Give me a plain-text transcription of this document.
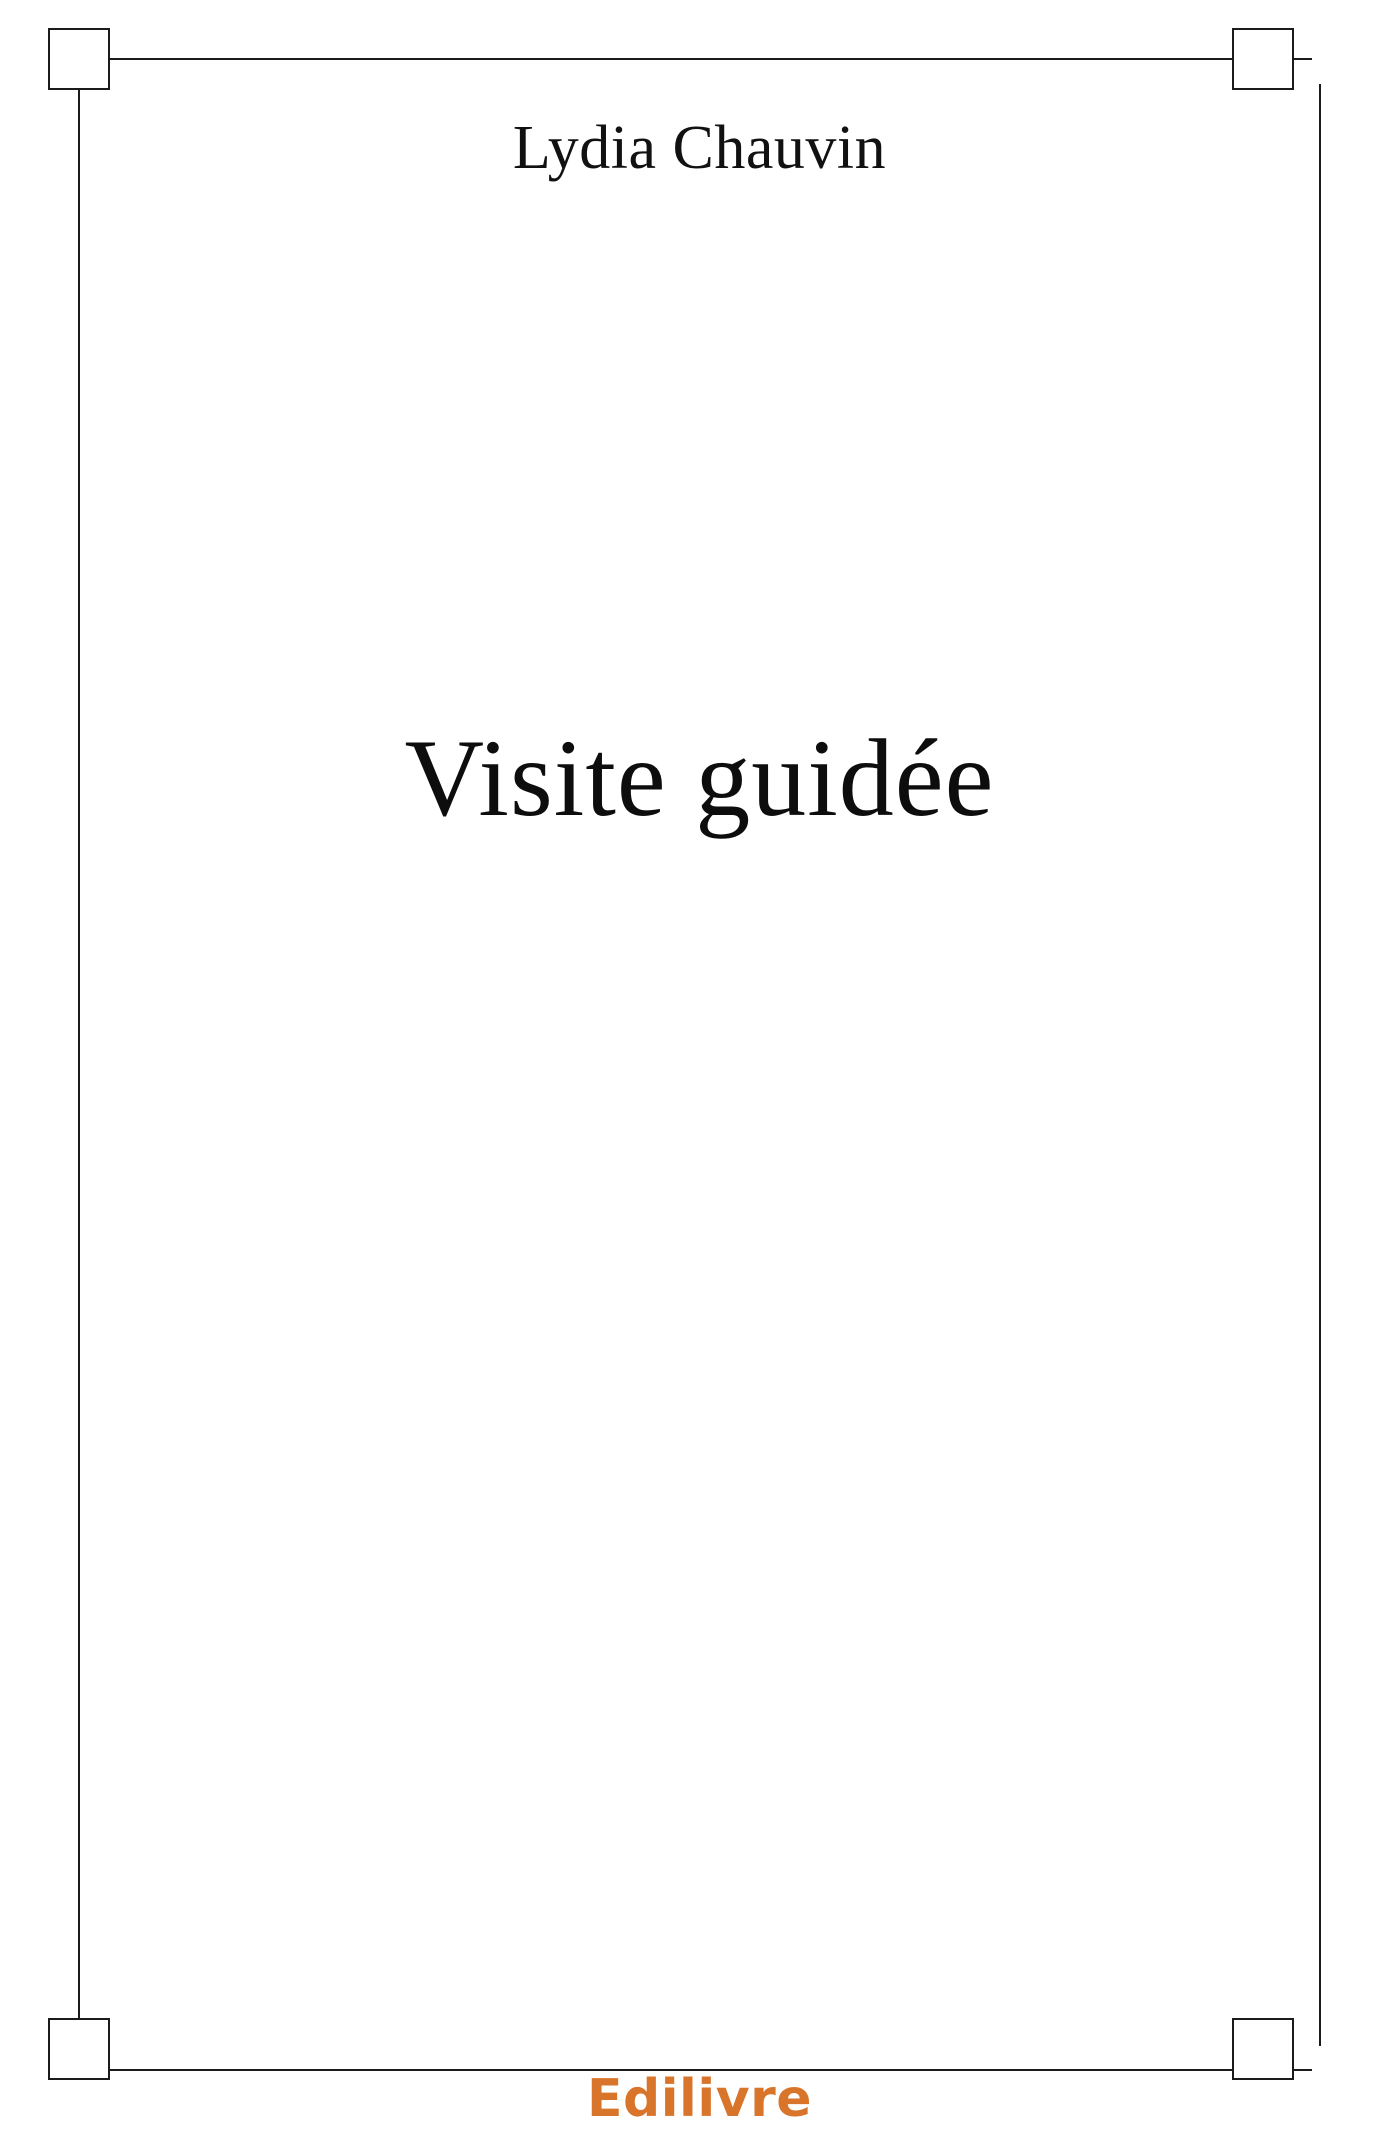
Lydia Chauvin
Visite guidée
Edilivre
